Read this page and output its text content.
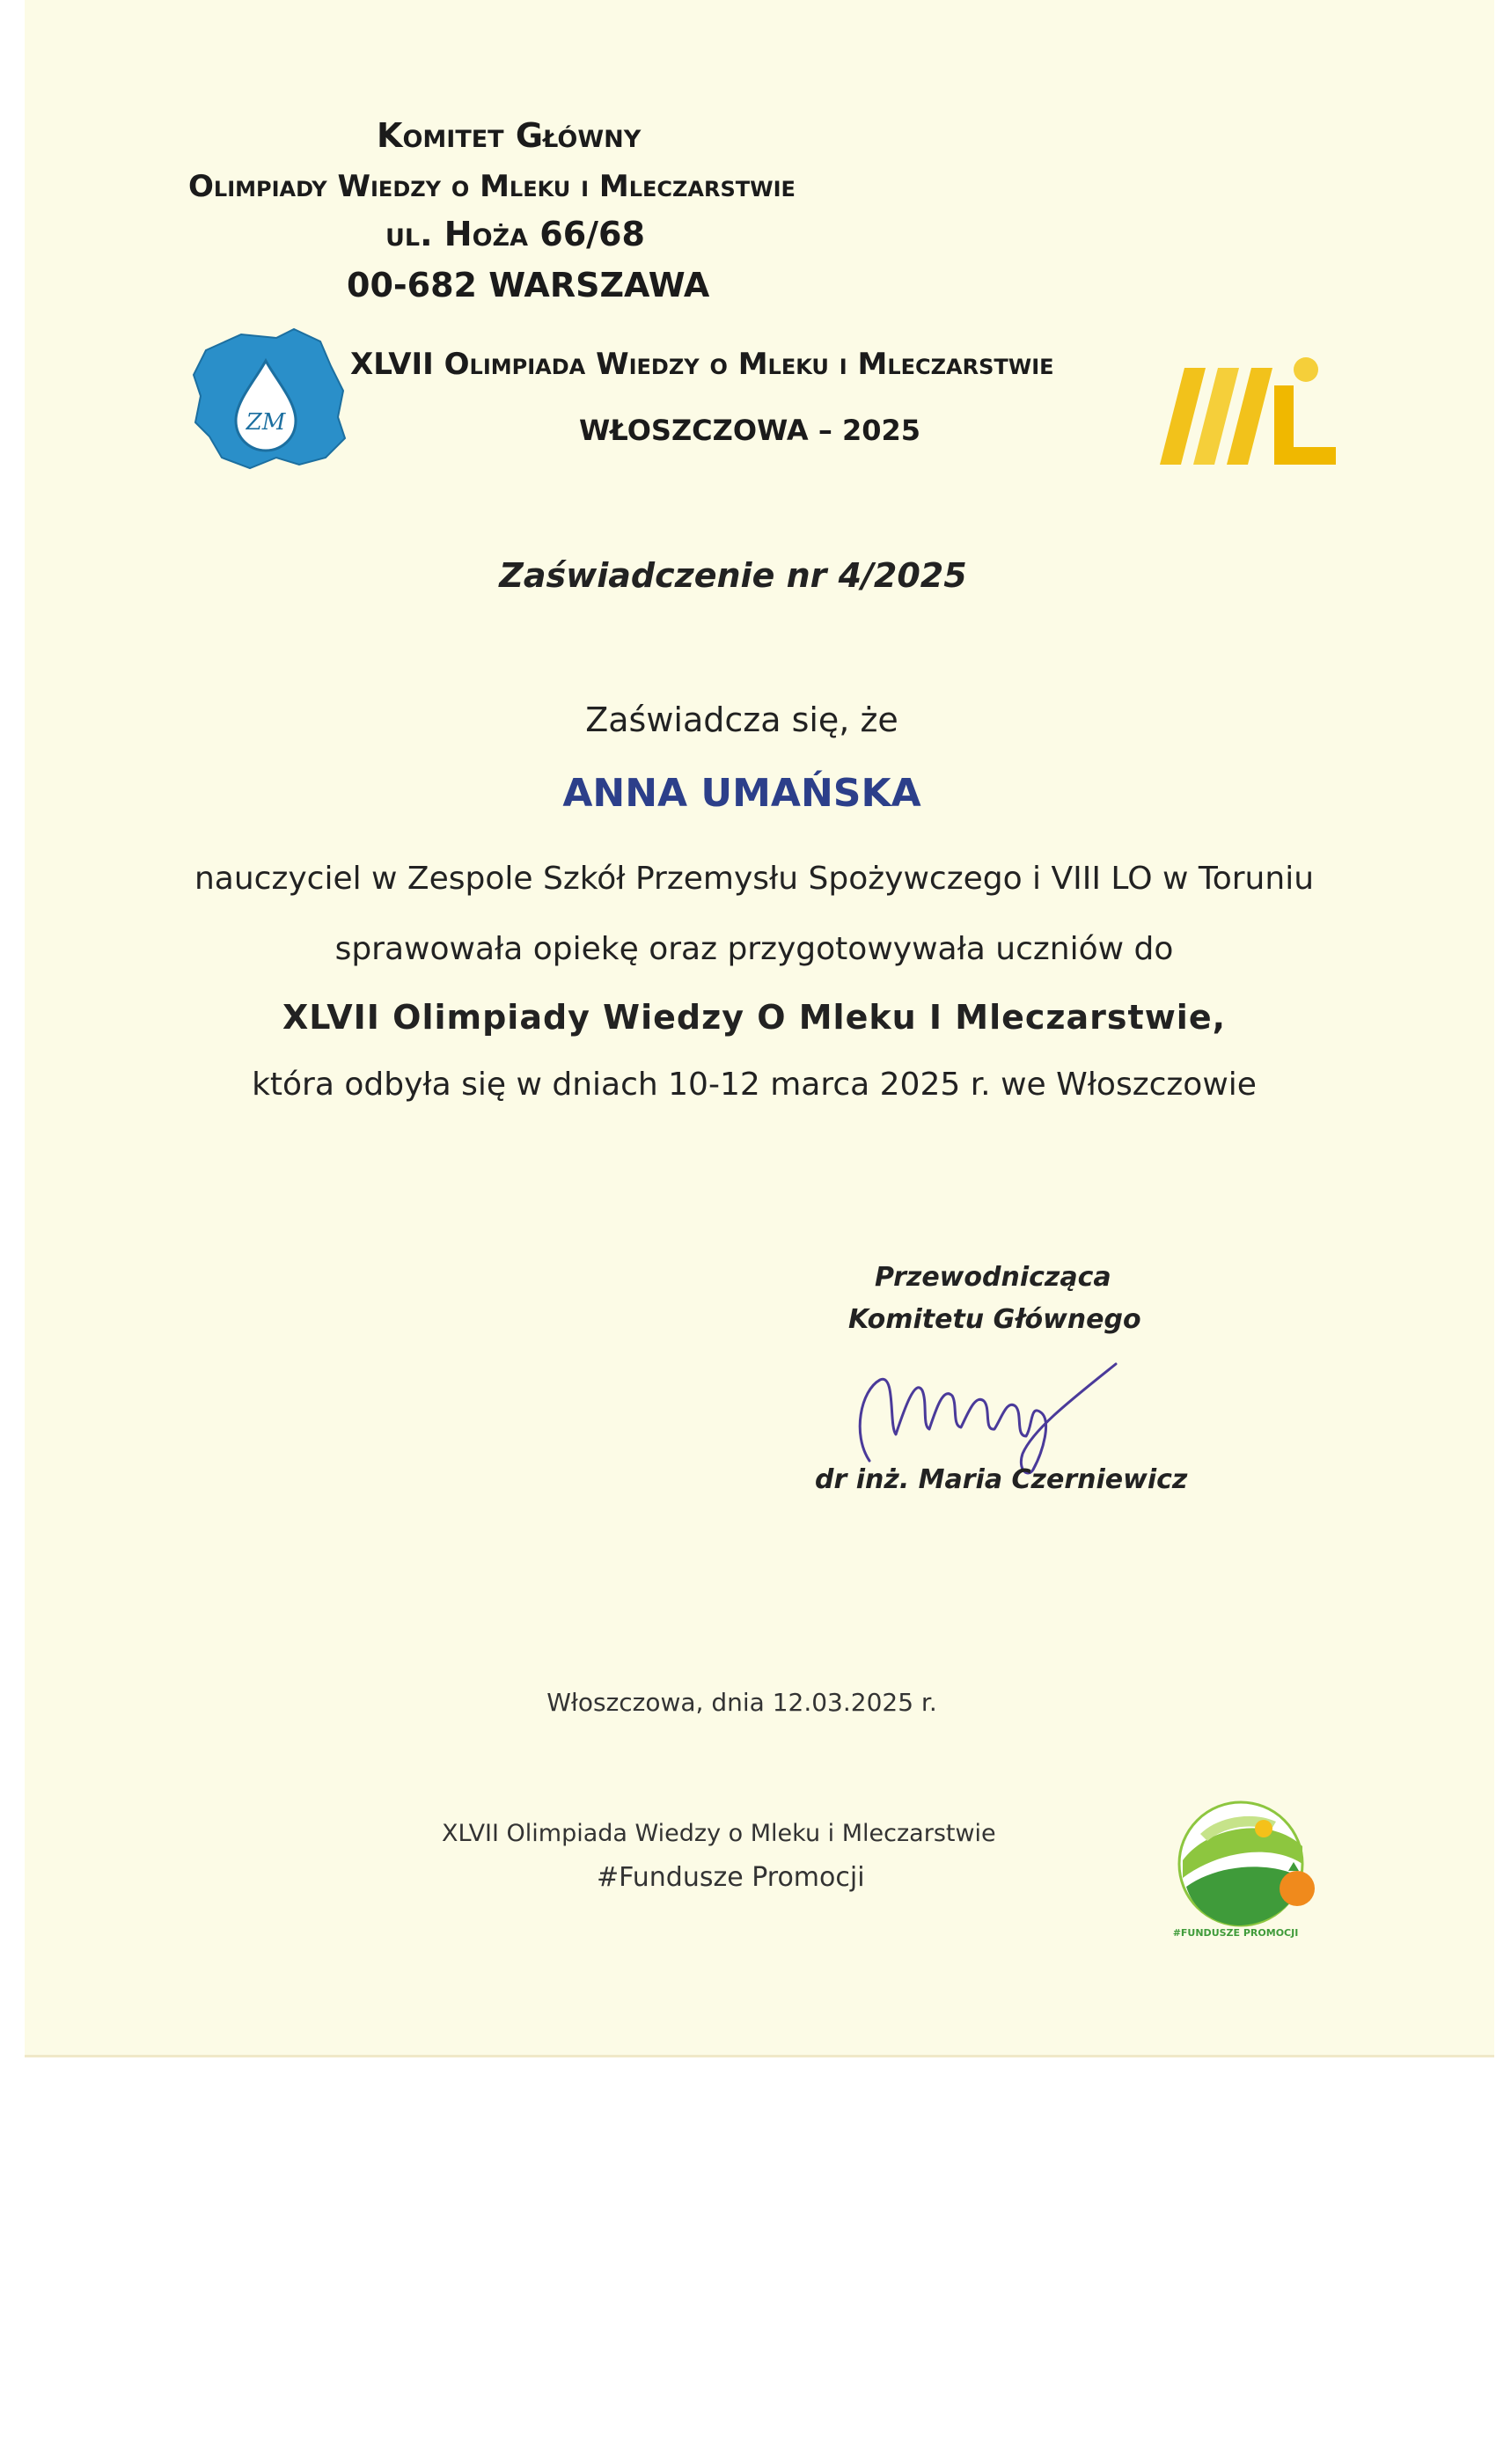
Komitet Główny
Olimpiady Wiedzy o Mleku i Mleczarstwie
ul. Hoża 66/68
00-682 WARSZAWA
ZM
XLVII Olimpiada Wiedzy o Mleku i Mleczarstwie
WŁOSZCZOWA – 2025
Zaświadczenie nr 4/2025
Zaświadcza się, że
ANNA UMAŃSKA
nauczyciel w Zespole Szkół Przemysłu Spożywczego i VIII LO w Toruniu
sprawowała opiekę oraz przygotowywała uczniów do
XLVII Olimpiady Wiedzy O Mleku I Mleczarstwie,
która odbyła się w dniach 10-12 marca 2025 r. we Włoszczowie
Przewodnicząca
Komitetu Głównego
dr inż. Maria Czerniewicz
Włoszczowa, dnia 12.03.2025 r.
XLVII Olimpiada Wiedzy o Mleku i Mleczarstwie
#Fundusze Promocji
#FUNDUSZE PROMOCJI
